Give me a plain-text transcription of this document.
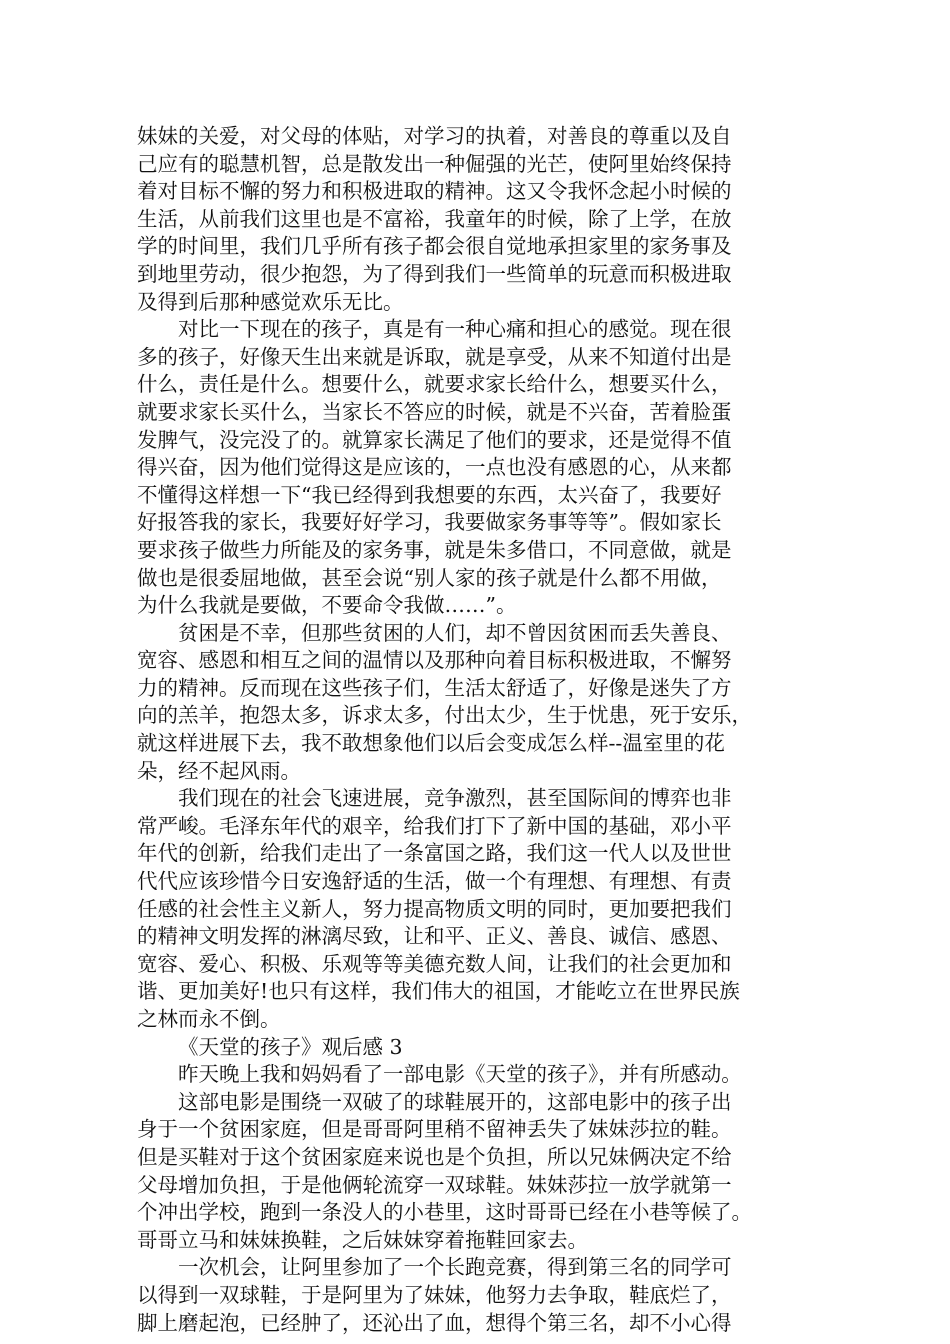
妹妹的关爱，对父母的体贴，对学习的执着，对善良的尊重以及自
己应有的聪慧机智，总是散发出一种倔强的光芒，使阿里始终保持
着对目标不懈的努力和积极进取的精神。这又令我怀念起小时候的
生活，从前我们这里也是不富裕，我童年的时候，除了上学，在放
学的时间里，我们几乎所有孩子都会很自觉地承担家里的家务事及
到地里劳动，很少抱怨，为了得到我们一些简单的玩意而积极进取
及得到后那种感觉欢乐无比。
对比一下现在的孩子，真是有一种心痛和担心的感觉。现在很
多的孩子，好像天生出来就是诉取，就是享受，从来不知道付出是
什么，责任是什么。想要什么，就要求家长给什么，想要买什么，
就要求家长买什么，当家长不答应的时候，就是不兴奋，苦着脸蛋
发脾气，没完没了的。就算家长满足了他们的要求，还是觉得不值
得兴奋，因为他们觉得这是应该的，一点也没有感恩的心，从来都
不懂得这样想一下“我已经得到我想要的东西，太兴奋了，我要好
好报答我的家长，我要好好学习，我要做家务事等等”。假如家长
要求孩子做些力所能及的家务事，就是朱多借口，不同意做，就是
做也是很委屈地做，甚至会说“别人家的孩子就是什么都不用做，
为什么我就是要做，不要命令我做……”。
贫困是不幸，但那些贫困的人们，却不曾因贫困而丢失善良、
宽容、感恩和相互之间的温情以及那种向着目标积极进取，不懈努
力的精神。反而现在这些孩子们，生活太舒适了，好像是迷失了方
向的羔羊，抱怨太多，诉求太多，付出太少，生于忧患，死于安乐，
就这样进展下去，我不敢想象他们以后会变成怎么样--温室里的花
朵，经不起风雨。
我们现在的社会飞速进展，竞争激烈，甚至国际间的博弈也非
常严峻。毛泽东年代的艰辛，给我们打下了新中国的基础，邓小平
年代的创新，给我们走出了一条富国之路，我们这一代人以及世世
代代应该珍惜今日安逸舒适的生活，做一个有理想、有理想、有责
任感的社会性主义新人，努力提高物质文明的同时，更加要把我们
的精神文明发挥的淋漓尽致，让和平、正义、善良、诚信、感恩、
宽容、爱心、积极、乐观等等美德充数人间，让我们的社会更加和
谐、更加美好!也只有这样，我们伟大的祖国，才能屹立在世界民族
之林而永不倒。
《天堂的孩子》观后感 3
昨天晚上我和妈妈看了一部电影《天堂的孩子》，并有所感动。
这部电影是围绕一双破了的球鞋展开的，这部电影中的孩子出
身于一个贫困家庭，但是哥哥阿里稍不留神丢失了妹妹莎拉的鞋。
但是买鞋对于这个贫困家庭来说也是个负担，所以兄妹俩决定不给
父母增加负担，于是他俩轮流穿一双球鞋。妹妹莎拉一放学就第一
个冲出学校，跑到一条没人的小巷里，这时哥哥已经在小巷等候了。
哥哥立马和妹妹换鞋，之后妹妹穿着拖鞋回家去。
一次机会，让阿里参加了一个长跑竞赛，得到第三名的同学可
以得到一双球鞋，于是阿里为了妹妹，他努力去争取，鞋底烂了，
脚上磨起泡，已经肿了，还沁出了血，想得个第三名，却不小心得
